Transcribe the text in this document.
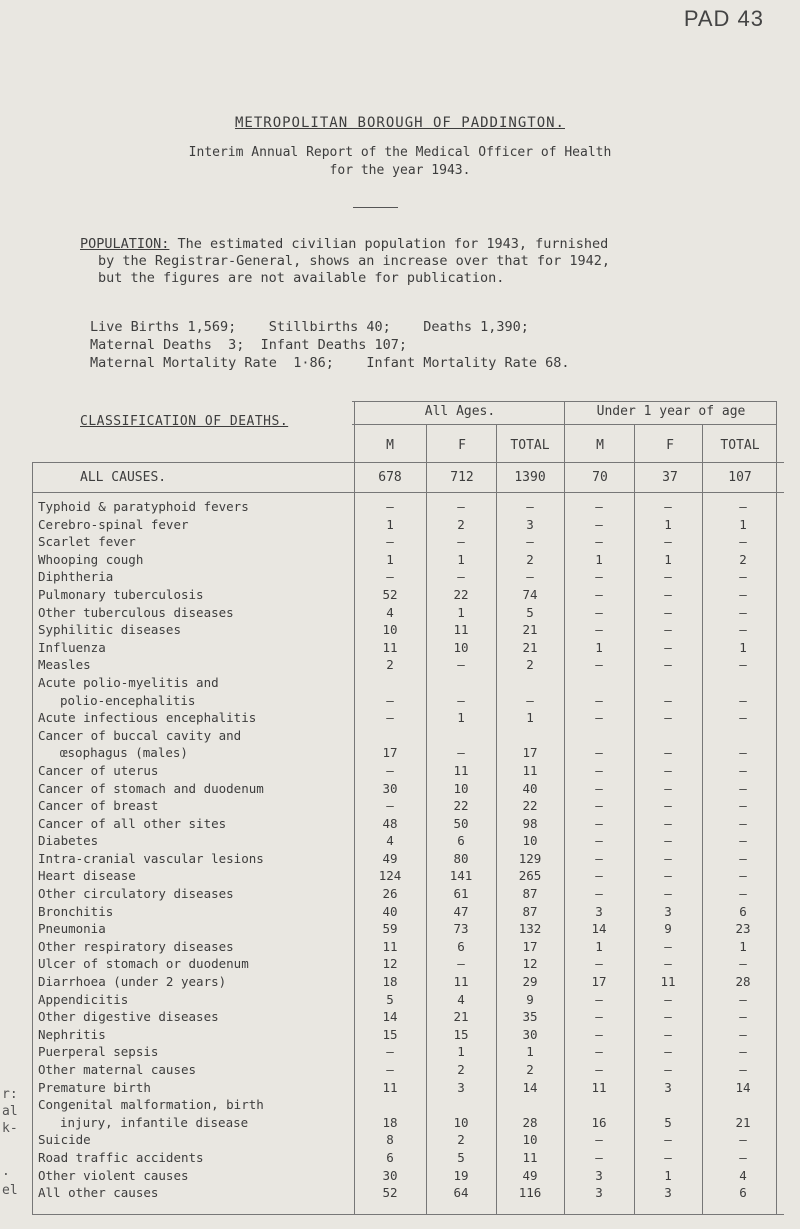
PAD 43
METROPOLITAN BOROUGH OF PADDINGTON.
Interim Annual Report of the Medical Officer of Health
for the year 1943.
POPULATION: The estimated civilian population for 1943, furnished
by the Registrar-General, shows an increase over that for 1942,
but the figures are not available for publication.
Live Births 1,569;    Stillbirths 40;    Deaths 1,390;
Maternal Deaths  3;  Infant Deaths 107;
Maternal Mortality Rate  1·86;    Infant Mortality Rate 68.
CLASSIFICATION OF DEATHS.
All Ages.	Under 1 year of age
M	F	TOTAL	M	F	TOTAL
ALL CAUSES.	678	712	1390	70	37	107
Typhoid & paratyphoid fevers	–	–	–	–	–	–
Cerebro-spinal fever	1	2	3	–	1	1
Scarlet fever	–	–	–	–	–	–
Whooping cough	1	1	2	1	1	2
Diphtheria	–	–	–	–	–	–
Pulmonary tuberculosis	52	22	74	–	–	–
Other tuberculous diseases	4	1	5	–	–	–
Syphilitic diseases	10	11	21	–	–	–
Influenza	11	10	21	1	–	1
Measles	2	–	2	–	–	–
Acute polio-myelitis and						
polio-encephalitis	–	–	–	–	–	–
Acute infectious encephalitis	–	1	1	–	–	–
Cancer of buccal cavity and						
œsophagus (males)	17	–	17	–	–	–
Cancer of uterus	–	11	11	–	–	–
Cancer of stomach and duodenum	30	10	40	–	–	–
Cancer of breast	–	22	22	–	–	–
Cancer of all other sites	48	50	98	–	–	–
Diabetes	4	6	10	–	–	–
Intra-cranial vascular lesions	49	80	129	–	–	–
Heart disease	124	141	265	–	–	–
Other circulatory diseases	26	61	87	–	–	–
Bronchitis	40	47	87	3	3	6
Pneumonia	59	73	132	14	9	23
Other respiratory diseases	11	6	17	1	–	1
Ulcer of stomach or duodenum	12	–	12	–	–	–
Diarrhoea (under 2 years)	18	11	29	17	11	28
Appendicitis	5	4	9	–	–	–
Other digestive diseases	14	21	35	–	–	–
Nephritis	15	15	30	–	–	–
Puerperal sepsis	–	1	1	–	–	–
Other maternal causes	–	2	2	–	–	–
Premature birth	11	3	14	11	3	14
Congenital malformation, birth						
injury, infantile disease	18	10	28	16	5	21
Suicide	8	2	10	–	–	–
Road traffic accidents	6	5	11	–	–	–
Other violent causes	30	19	49	3	1	4
All other causes	52	64	116	3	3	6
r:
al
k-
.
el
